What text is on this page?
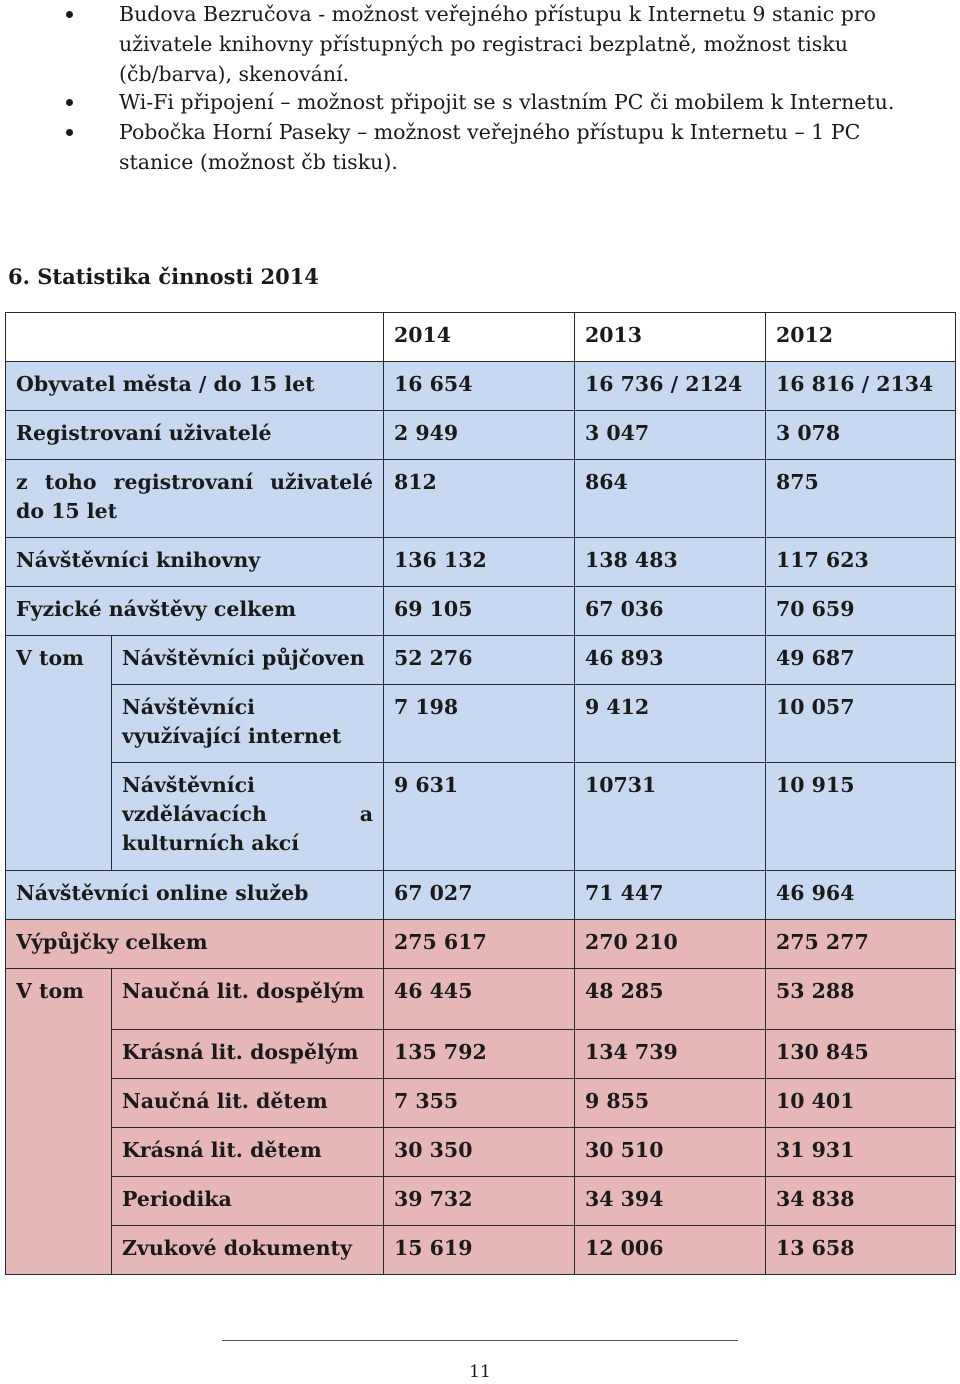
Budova Bezručova - možnost veřejného přístupu k Internetu 9 stanic pro uživatele knihovny přístupných po registraci bezplatně, možnost tisku (čb/barva), skenování.
Wi-Fi připojení – možnost připojit se s vlastním PC či mobilem k Internetu.
Pobočka Horní Paseky – možnost veřejného přístupu k Internetu – 1 PC stanice (možnost čb tisku).
6. Statistika činnosti 2014
		2014	2013	2012
Obyvatel města / do 15 let		16 654	16 736 / 2124	16 816 / 2134
Registrovaní uživatelé		2 949	3 047	3 078
z toho registrovaní uživatelé do 15 let		812	864	875
Návštěvníci knihovny		136 132	138 483	117 623
Fyzické návštěvy celkem		69 105	67 036	70 659
V tom	Návštěvníci půjčoven	52 276	46 893	49 687
	Návštěvníci využívající internet	7 198	9 412	10 057

	Návštěvníci
vzdělávacích a
kulturních akcí	9 631	10731	10 915
Návštěvníci online služeb		67 027	71 447	46 964
Výpůjčky celkem		275 617	270 210	275 277
V tom	Naučná lit. dospělým	46 445	48 285	53 288
	Krásná lit. dospělým	135 792	134 739	130 845
	Naučná lit. dětem	7 355	9 855	10 401
	Krásná lit. dětem	30 350	30 510	31 931
	Periodika	39 732	34 394	34 838
	Zvukové dokumenty	15 619	12 006	13 658
11
